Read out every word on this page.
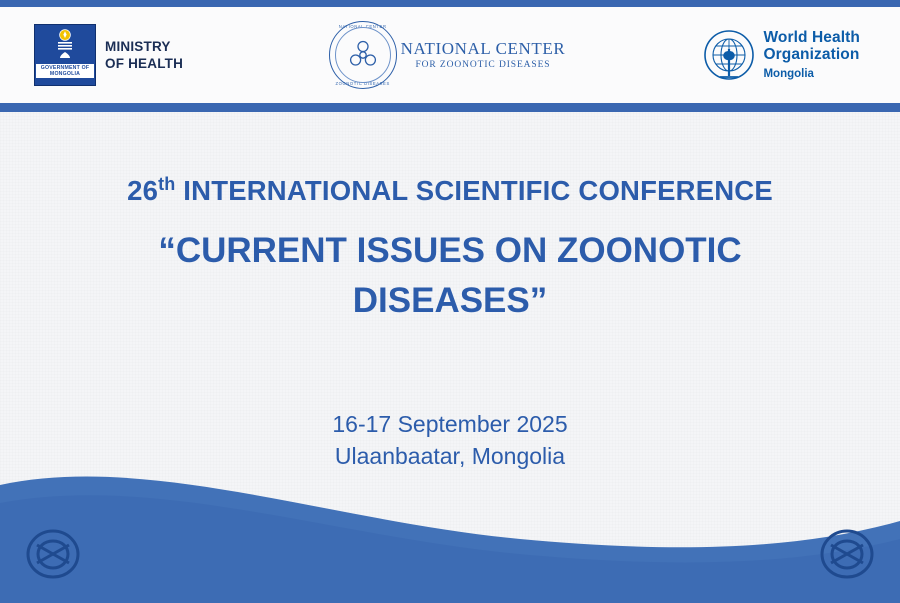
GOVERNMENT OF MONGOLIA
MINISTRY
OF HEALTH
NATIONAL CENTER
ZOONOTIC DISEASES
NATIONAL CENTER
FOR ZOONOTIC DISEASES
World Health
Organization
Mongolia
26th INTERNATIONAL SCIENTIFIC CONFERENCE
“CURRENT ISSUES ON ZOONOTIC DISEASES”
16-17 September 2025
Ulaanbaatar, Mongolia
